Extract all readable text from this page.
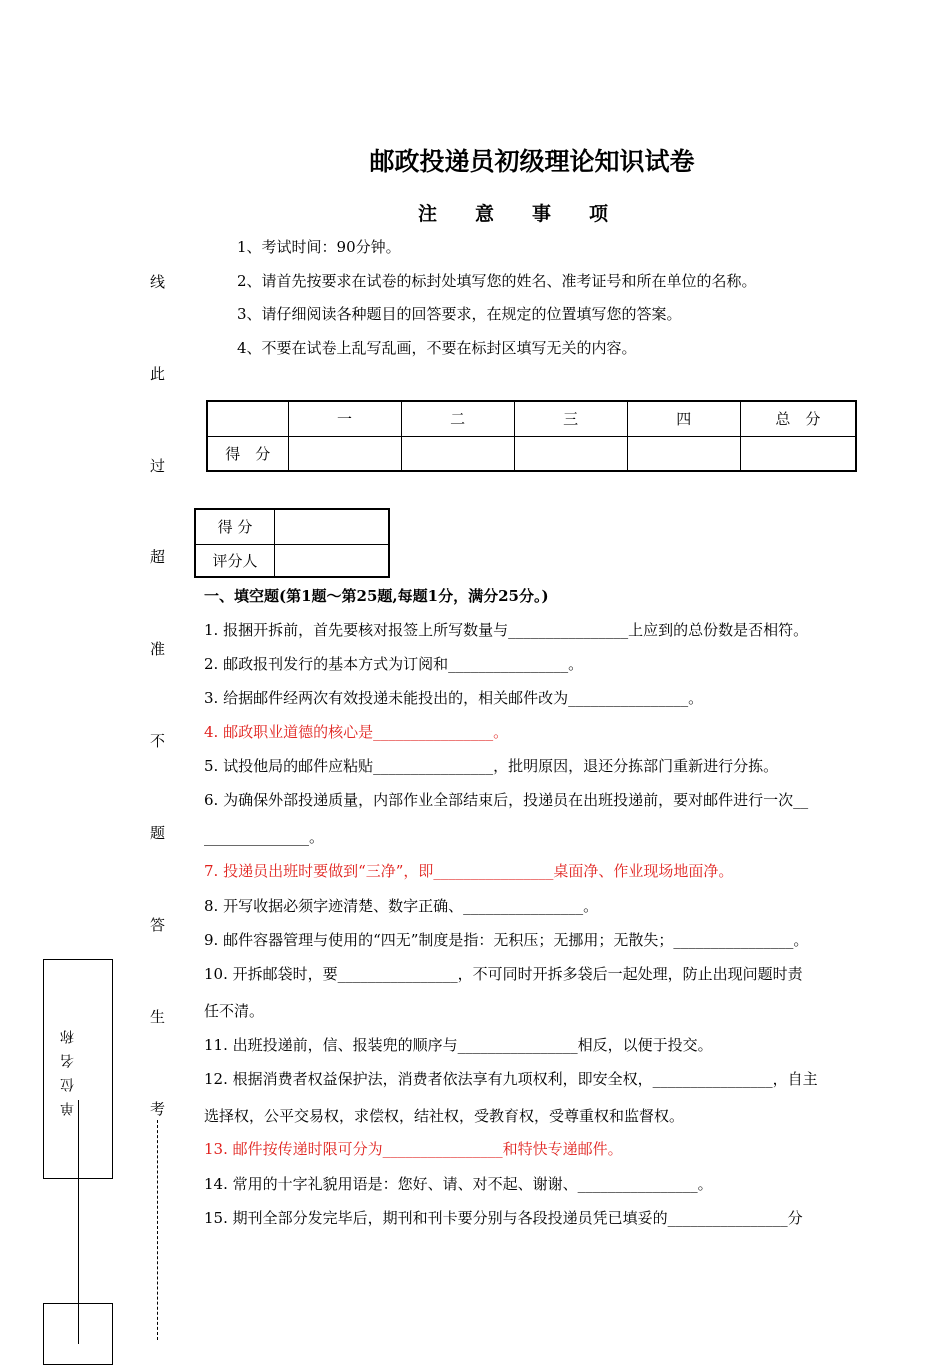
邮政投递员初级理论知识试卷
注意事项
1、考试时间：90分钟。
2、请首先按要求在试卷的标封处填写您的姓名、准考证号和所在单位的名称。
3、请仔细阅读各种题目的回答要求，在规定的位置填写您的答案。
4、不要在试卷上乱写乱画，不要在标封区填写无关的内容。
线
此
过
超
准
不
题
答
生
考
	一	二	三	四	总　分
得　分					
得 分	
评分人	
一、填空题(第1题～第25题,每题1分，满分25分。)
1. 报捆开拆前，首先要核对报签上所写数量与________________上应到的总份数是否相符。
2. 邮政报刊发行的基本方式为订阅和________________。
3. 给据邮件经两次有效投递未能投出的，相关邮件改为________________。
4. 邮政职业道德的核心是________________。
5. 试投他局的邮件应粘贴________________，批明原因，退还分拣部门重新进行分拣。
6. 为确保外部投递质量，内部作业全部结束后，投递员在出班投递前，要对邮件进行一次__
______________。
7. 投递员出班时要做到“三净”，即________________桌面净、作业现场地面净。
8. 开写收据必须字迹清楚、数字正确、________________。
9. 邮件容器管理与使用的“四无”制度是指：无积压；无挪用；无散失；________________。
10. 开拆邮袋时，要________________，不可同时开拆多袋后一起处理，防止出现问题时责
任不清。
11. 出班投递前，信、报装兜的顺序与________________相反，以便于投交。
12. 根据消费者权益保护法，消费者依法享有九项权利，即安全权，________________，自主
选择权，公平交易权，求偿权，结社权，受教育权，受尊重权和监督权。
13. 邮件按传递时限可分为________________和特快专递邮件。
14. 常用的十字礼貌用语是：您好、请、对不起、谢谢、________________。
15. 期刊全部分发完毕后，期刊和刊卡要分别与各段投递员凭已填妥的________________分
单位名称
